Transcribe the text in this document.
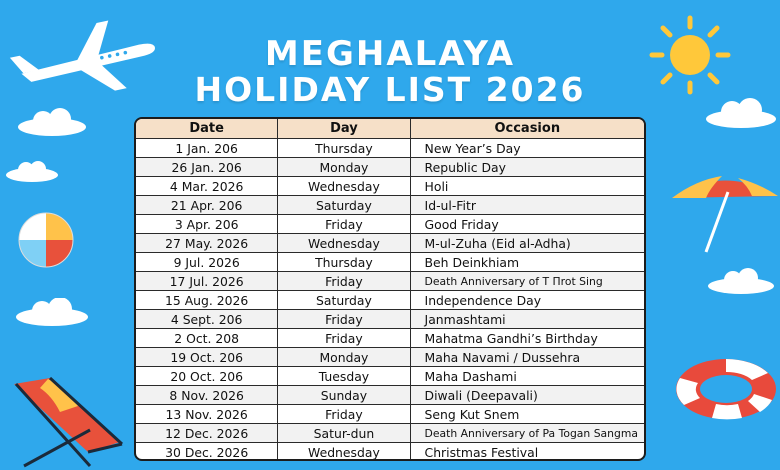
MEGHALAYA
HOLIDAY LIST 2026
Date	Day	Occasion
1 Jan. 206	Thursday	New Year’s Day
26 Jan. 206	Monday	Republic Day
4 Mar. 2026	Wednesday	Holi
21 Apr. 206	Saturday	Id-ul-Fitr
3 Apr. 206	Friday	Good Friday
27 May. 2026	Wednesday	M-ul-Zuha (Eid al-Adha)
9 Jul. 2026	Thursday	Beh Deinkhiam
17 Jul. 2026	Friday	Death Anniversary of T Πrot Sing
15 Aug. 2026	Saturday	Independence Day
4 Sept. 206	Friday	Janmashtami
2 Oct. 208	Friday	Mahatma Gandhi’s Birthday
19 Oct. 206	Monday	Maha Navami / Dussehra
20 Oct. 206	Tuesday	Maha Dashami
8 Nov. 2026	Sunday	Diwali (Deepavali)
13 Nov. 2026	Friday	Seng Kut Snem
12 Dec. 2026	Satur-dun	Death Anniversary of Pa Togan Sangma
30 Dec. 2026	Wednesday	Christmas Festival
